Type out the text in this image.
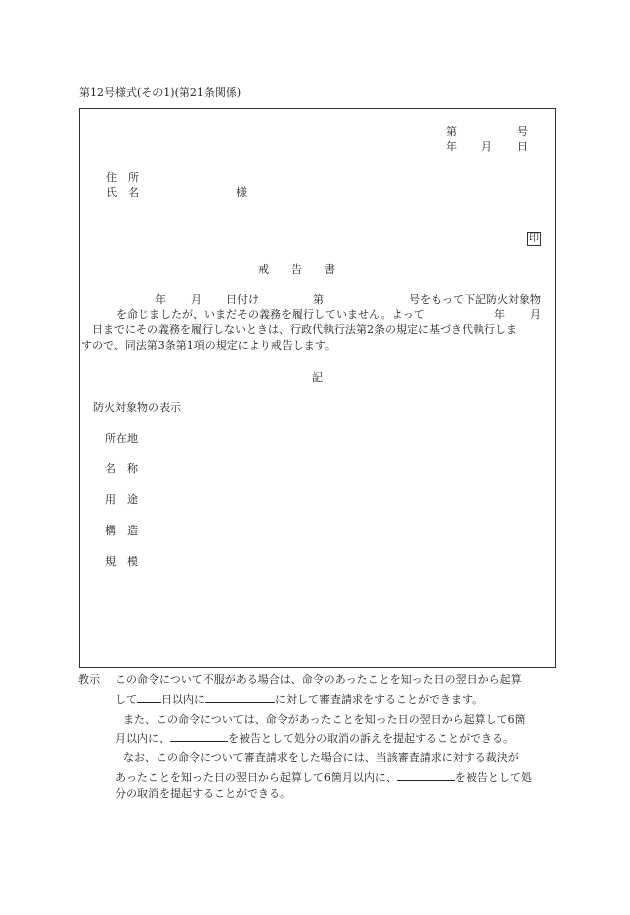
第12号様式(その1)(第21条関係)
第	号
年 月 日
住　所
氏　名	様
印
戒　　告　　書
年 月 日付け	第	号をもって下記防火対象物
を命じましたが、いまだその義務を履行していません。よって	年 月
日までにその義務を履行しないときは、行政代執行法第2条の規定に基づき代執行しま
すので、同法第3条第1項の規定により戒告します。
記
防火対象物の表示
所在地
名　称
用　途
構　造
規　模
教示 この命令について不服がある場合は、命令のあったことを知った日の翌日から起算
して 日以内に	に対して審査請求をすることができます。
また、この命令については、命令があったことを知った日の翌日から起算して6箇
月以内に、	を被告として処分の取消の訴えを提起することができる。
なお、この命令について審査請求をした場合には、当該審査請求に対する裁決が
あったことを知った日の翌日から起算して6箇月以内に、	を被告として処
分の取消を提起することができる。
